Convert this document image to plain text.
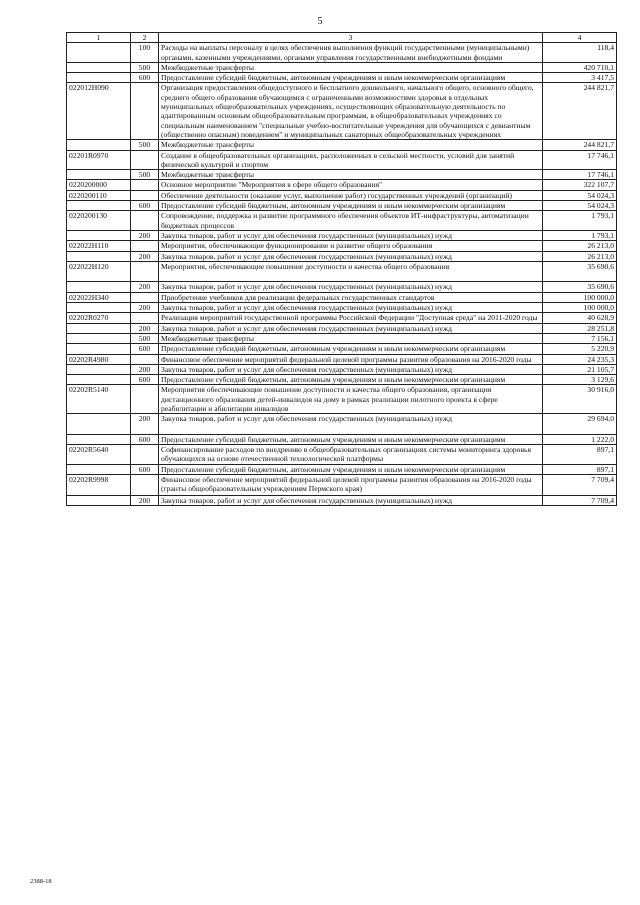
5
1	2	3	4
	100	Расходы на выплаты персоналу в целях обеспечения выполнения функций государственными (муниципальными) органами, казенными учреждениями, органами управления государственными внебюджетными фондами	118,4
	500	Межбюджетные трансферты	420 710,1
	600	Предоставление субсидий бюджетным, автономным учреждениям и иным некоммерческим организациям	3 417,5
022012Н090		Организация предоставления общедоступного и бесплатного дошкольного, начального общего, основного общего, среднего общего образования обучающимся с ограниченными возможностями здоровья в отдельных муниципальных общеобразовательных учреждениях, осуществляющих образовательную деятельность по адаптированным основным общеобразовательным программам, в общеобразовательных учреждениях со специальным наименованием "специальные учебно-воспитательные учреждения для обучающихся с девиантным (общественно опасным) поведением" и муниципальных санаторных общеобразовательных учреждениях	244 821,7
	500	Межбюджетные трансферты	244 821,7
02201R0970		Создание в общеобразовательных организациях, расположенных в сельской местности, условий для занятий физической культурой и спортом	17 746,1
	500	Межбюджетные трансферты	17 746,1
0220200000		Основное мероприятие "Мероприятия в сфере общего образования"	322 107,7
0220200110		Обеспечение деятельности (оказание услуг, выполнение работ) государственных учреждений (организаций)	54 024,3
	600	Предоставление субсидий бюджетным, автономным учреждениям и иным некоммерческим организациям	54 024,3
0220200130		Сопровождение, поддержка и развитие программного обеспечения объектов ИТ-инфраструктуры, автоматизации бюджетных процессов	1 793,1
	200	Закупка товаров, работ и услуг для обеспечения государственных (муниципальных) нужд	1 793,1
022022Н110		Мероприятия, обеспечивающие функционирование и развитие общего образования	26 213,0
	200	Закупка товаров, работ и услуг для обеспечения государственных (муниципальных) нужд	26 213,0
022022Н120		Мероприятия, обеспечивающие повышение доступности и качества общего образования	35 690,6
	200	Закупка товаров, работ и услуг для обеспечения государственных (муниципальных) нужд	35 690,6
022022Н340		Приобретение учебников для реализации федеральных государственных стандартов	100 000,0
	200	Закупка товаров, работ и услуг для обеспечения государственных (муниципальных) нужд	100 000,0
02202R0270		Реализация мероприятий государственной программы Российской Федерации "Доступная среда" на 2011-2020 годы	40 628,9
	200	Закупка товаров, работ и услуг для обеспечения государственных (муниципальных) нужд	28 251,8
	500	Межбюджетные трансферты	7 156,1
	600	Предоставление субсидий бюджетным, автономным учреждениям и иным некоммерческим организациям	5 220,9
02202R4980		Финансовое обеспечение мероприятий федеральной целевой программы развития образования на 2016-2020 годы	24 235,3
	200	Закупка товаров, работ и услуг для обеспечения государственных (муниципальных) нужд	21 105,7
	600	Предоставление субсидий бюджетным, автономным учреждениям и иным некоммерческим организациям	3 129,6
02202R5140		Мероприятия обеспечивающие повышение доступности и качества общего образования, организация дистанционного образования детей-инвалидов на дому в рамках реализации пилотного проекта в сфере реабилитации и абилитации инвалидов	30 916,0
	200	Закупка товаров, работ и услуг для обеспечения государственных (муниципальных) нужд	29 694,0
	600	Предоставление субсидий бюджетным, автономным учреждениям и иным некоммерческим организациям	1 222,0
02202R5640		Софинансирование расходов по внедрению в общеобразовательных организациях системы мониторинга здоровья обучающихся на основе отечественной технологической платформы	897,1
	600	Предоставление субсидий бюджетным, автономным учреждениям и иным некоммерческим организациям	897,1
02202R9998		Финансовое обеспечение мероприятий федеральной целевой программы развития образования на 2016-2020 годы (гранты общеобразовательным учреждениям Пермского края)	7 709,4
	200	Закупка товаров, работ и услуг для обеспечения государственных (муниципальных) нужд	7 709,4
2388-18
